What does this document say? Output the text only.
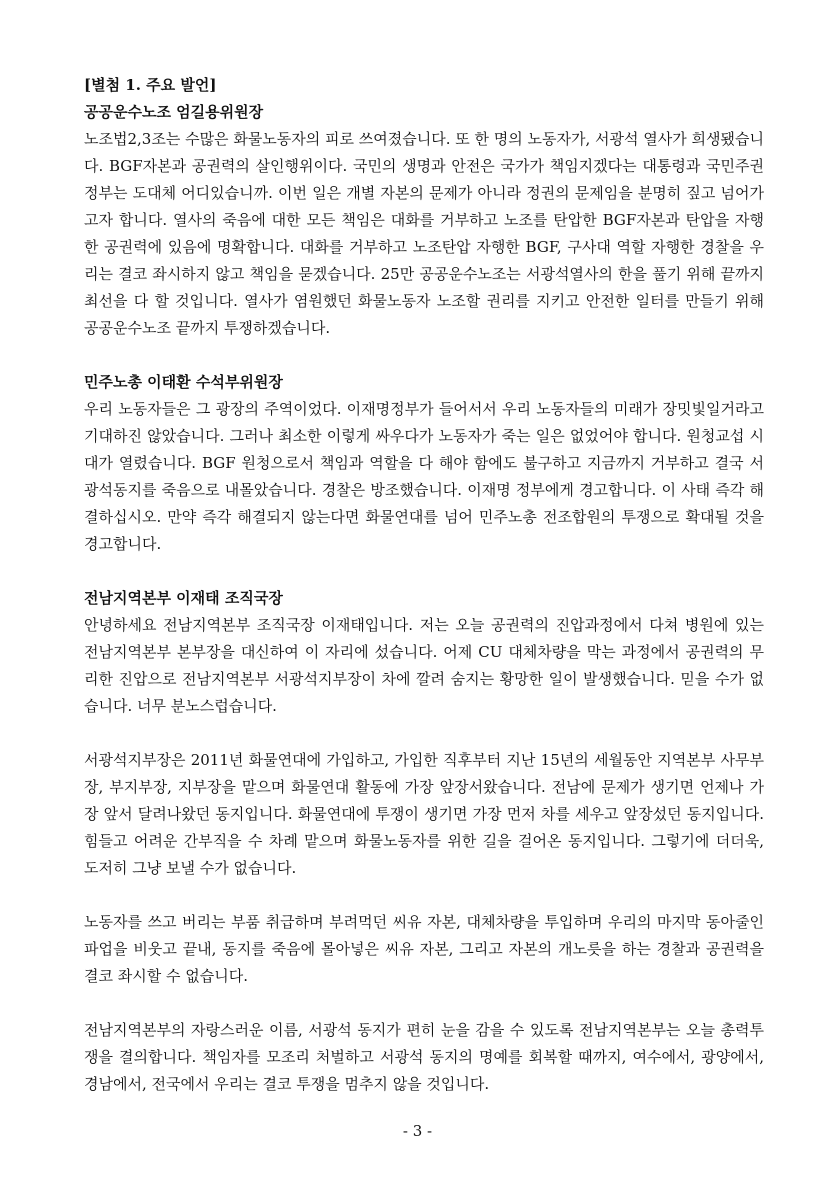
[별첨 1. 주요 발언]

공공운수노조 엄길용위원장

노조법2,3조는 수많은 화물노동자의 피로 쓰여졌습니다. 또 한 명의 노동자가, 서광석 열사가 희생됐습니다. BGF자본과 공권력의 살인행위이다. 국민의 생명과 안전은 국가가 책임지겠다는 대통령과 국민주권 정부는 도대체 어디있습니까. 이번 일은 개별 자본의 문제가 아니라 정권의 문제임을 분명히 짚고 넘어가고자 합니다. 열사의 죽음에 대한 모든 책임은 대화를 거부하고 노조를 탄압한 BGF자본과 탄압을 자행한 공권력에 있음에 명확합니다. 대화를 거부하고 노조탄압 자행한 BGF, 구사대 역할 자행한 경찰을 우리는 결코 좌시하지 않고 책임을 묻겠습니다. 25만 공공운수노조는 서광석열사의 한을 풀기 위해 끝까지 최선을 다 할 것입니다. 열사가 염원했던 화물노동자 노조할 권리를 지키고 안전한 일터를 만들기 위해 공공운수노조 끝까지 투쟁하겠습니다.

민주노총 이태환 수석부위원장

우리 노동자들은 그 광장의 주역이었다. 이재명정부가 들어서서 우리 노동자들의 미래가 장밋빛일거라고 기대하진 않았습니다. 그러나 최소한 이렇게 싸우다가 노동자가 죽는 일은 없었어야 합니다. 원청교섭 시대가 열렸습니다. BGF 원청으로서 책임과 역할을 다 해야 함에도 불구하고 지금까지 거부하고 결국 서광석동지를 죽음으로 내몰았습니다. 경찰은 방조했습니다. 이재명 정부에게 경고합니다. 이 사태 즉각 해결하십시오. 만약 즉각 해결되지 않는다면 화물연대를 넘어 민주노총 전조합원의 투쟁으로 확대될 것을 경고합니다.

전남지역본부 이재태 조직국장

안녕하세요 전남지역본부 조직국장 이재태입니다. 저는 오늘 공권력의 진압과정에서 다쳐 병원에 있는 전남지역본부 본부장을 대신하여 이 자리에 섰습니다. 어제 CU 대체차량을 막는 과정에서 공권력의 무리한 진압으로 전남지역본부 서광석지부장이 차에 깔려 숨지는 황망한 일이 발생했습니다. 믿을 수가 없습니다. 너무 분노스럽습니다.

서광석지부장은 2011년 화물연대에 가입하고, 가입한 직후부터 지난 15년의 세월동안 지역본부 사무부장, 부지부장, 지부장을 맡으며 화물연대 활동에 가장 앞장서왔습니다. 전남에 문제가 생기면 언제나 가장 앞서 달려나왔던 동지입니다. 화물연대에 투쟁이 생기면 가장 먼저 차를 세우고 앞장섰던 동지입니다. 힘들고 어려운 간부직을 수 차례 맡으며 화물노동자를 위한 길을 걸어온 동지입니다. 그렇기에 더더욱, 도저히 그냥 보낼 수가 없습니다.

노동자를 쓰고 버리는 부품 취급하며 부려먹던 씨유 자본, 대체차량을 투입하며 우리의 마지막 동아줄인 파업을 비웃고 끝내, 동지를 죽음에 몰아넣은 씨유 자본, 그리고 자본의 개노릇을 하는 경찰과 공권력을 결코 좌시할 수 없습니다.

전남지역본부의 자랑스러운 이름, 서광석 동지가 편히 눈을 감을 수 있도록 전남지역본부는 오늘 총력투쟁을 결의합니다. 책임자를 모조리 처벌하고 서광석 동지의 명예를 회복할 때까지, 여수에서, 광양에서, 경남에서, 전국에서 우리는 결코 투쟁을 멈추지 않을 것입니다.

- 3 -
